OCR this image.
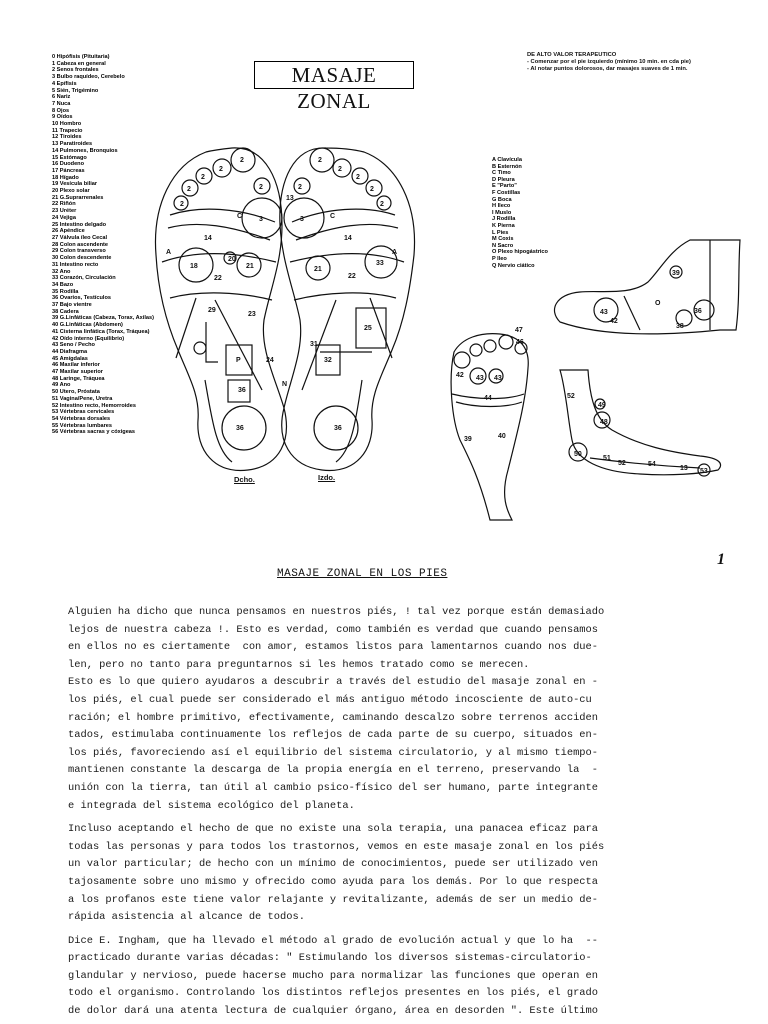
MASAJE ZONAL
DE ALTO VALOR TERAPEUTICO
- Comenzar por el pie izquierdo (mínimo 10 min. en cda pie)
- Al notar puntos dolorosos, dar masajes suaves de 1 min.
0 Hipófisis (Pituitaria)
1 Cabeza en general
2 Senos frontales
3 Bulbo raquídeo, Cerebelo
4 Epífisis
5 Sién, Trigémino
6 Nariz
7 Nuca
8 Ojos
9 Oídos
10 Hombro
11 Trapecio
12 Tiroides
13 Paratiroides
14 Pulmones, Bronquios
15 Estómago
16 Duodeno
17 Páncreas
18 Hígado
19 Vesícula biliar
20 Plexo solar
21 G.Suprarrenales
22 Riñón
23 Uréter
24 Vejiga
25 Intestino delgado
26 Apéndice
27 Válvula íleo Cecal
28 Colon ascendente
29 Colon transverso
30 Colon descendente
31 Intestino recto
32 Ano
33 Corazón, Circulación
34 Bazo
35 Rodilla
36 Ovarios, Testículos
37 Bajo vientre
38 Cadera
39 G.Linfáticas (Cabeza, Torax, Axilas)
40 G.Linfáticas (Abdomen)
41 Cisterna linfática (Torax, Tráquea)
42 Oído interno (Equilibrio)
43 Seno / Pecho
44 Diafragma
45 Amígdalas
46 Maxilar inferior
47 Maxilar superior
48 Laringe, Tráquea
49 Ano
50 Útero, Próstata
51 Vagina/Pene, Uretra
52 Intestino recto, Hemorroides
53 Vértebras cervicales
54 Vértebras dorsales
55 Vértebras lumbares
56 Vértebras sacras y cóxigeas
A Clavícula
B Esternón
C Timo
D Pleura
E "Parto"
F Costillas
G Boca
H Ileco
I Muslo
J Rodilla
K Pierna
L Pies
M Coxis
N Sacro
O Plexo hipogástrico
P Ileo
Q Nervio ciático
2
2
2
2
2
2
3
C
14
18	21
20
22
23
P
36
36
29
A
N
24
2
2
2
2
2
2
3	C
14
33
21
22
25
32
36
31
13
A
42 43 43
44
39	40
47
46
43
39
36
38
42
O
52
49
48
50
51
52	54
53
13
Dcho.	Izdo.
1
MASAJE ZONAL EN LOS PIES
Alguien ha dicho que nunca pensamos en nuestros piés, ! tal vez porque están demasiado
lejos de nuestra cabeza !. Esto es verdad, como también es verdad que cuando pensamos
en ellos no es ciertamente  con amor, estamos listos para lamentarnos cuando nos due-
len, pero no tanto para preguntarnos si les hemos tratado como se merecen.
Esto es lo que quiero ayudaros a descubrir a través del estudio del masaje zonal en -
los piés, el cual puede ser considerado el más antiguo método incosciente de auto-cu
ración; el hombre primitivo, efectivamente, caminando descalzo sobre terrenos acciden
tados, estimulaba continuamente los reflejos de cada parte de su cuerpo, situados en-
los piés, favoreciendo así el equilibrio del sistema circulatorio, y al mismo tiempo-
mantienen constante la descarga de la propia energía en el terreno, preservando la  -
unión con la tierra, tan útil al cambio psico-físico del ser humano, parte integrante
e integrada del sistema ecológico del planeta.
Incluso aceptando el hecho de que no existe una sola terapia, una panacea eficaz para
todas las personas y para todos los trastornos, vemos en este masaje zonal en los piés
un valor particular; de hecho con un mínimo de conocimientos, puede ser utilizado ven
tajosamente sobre uno mismo y ofrecido como ayuda para los demás. Por lo que respecta
a los profanos este tiene valor relajante y revitalizante, además de ser un medio de-
rápida asistencia al alcance de todos.
Dice E. Ingham, que ha llevado el método al grado de evolución actual y que lo ha  --
practicado durante varias décadas: " Estimulando los diversos sistemas-circulatorio-
glandular y nervioso, puede hacerse mucho para normalizar las funciones que operan en
todo el organismo. Controlando los distintos reflejos presentes en los piés, el grado
de dolor dará una atenta lectura de cualquier órgano, área en desorden ". Este último
